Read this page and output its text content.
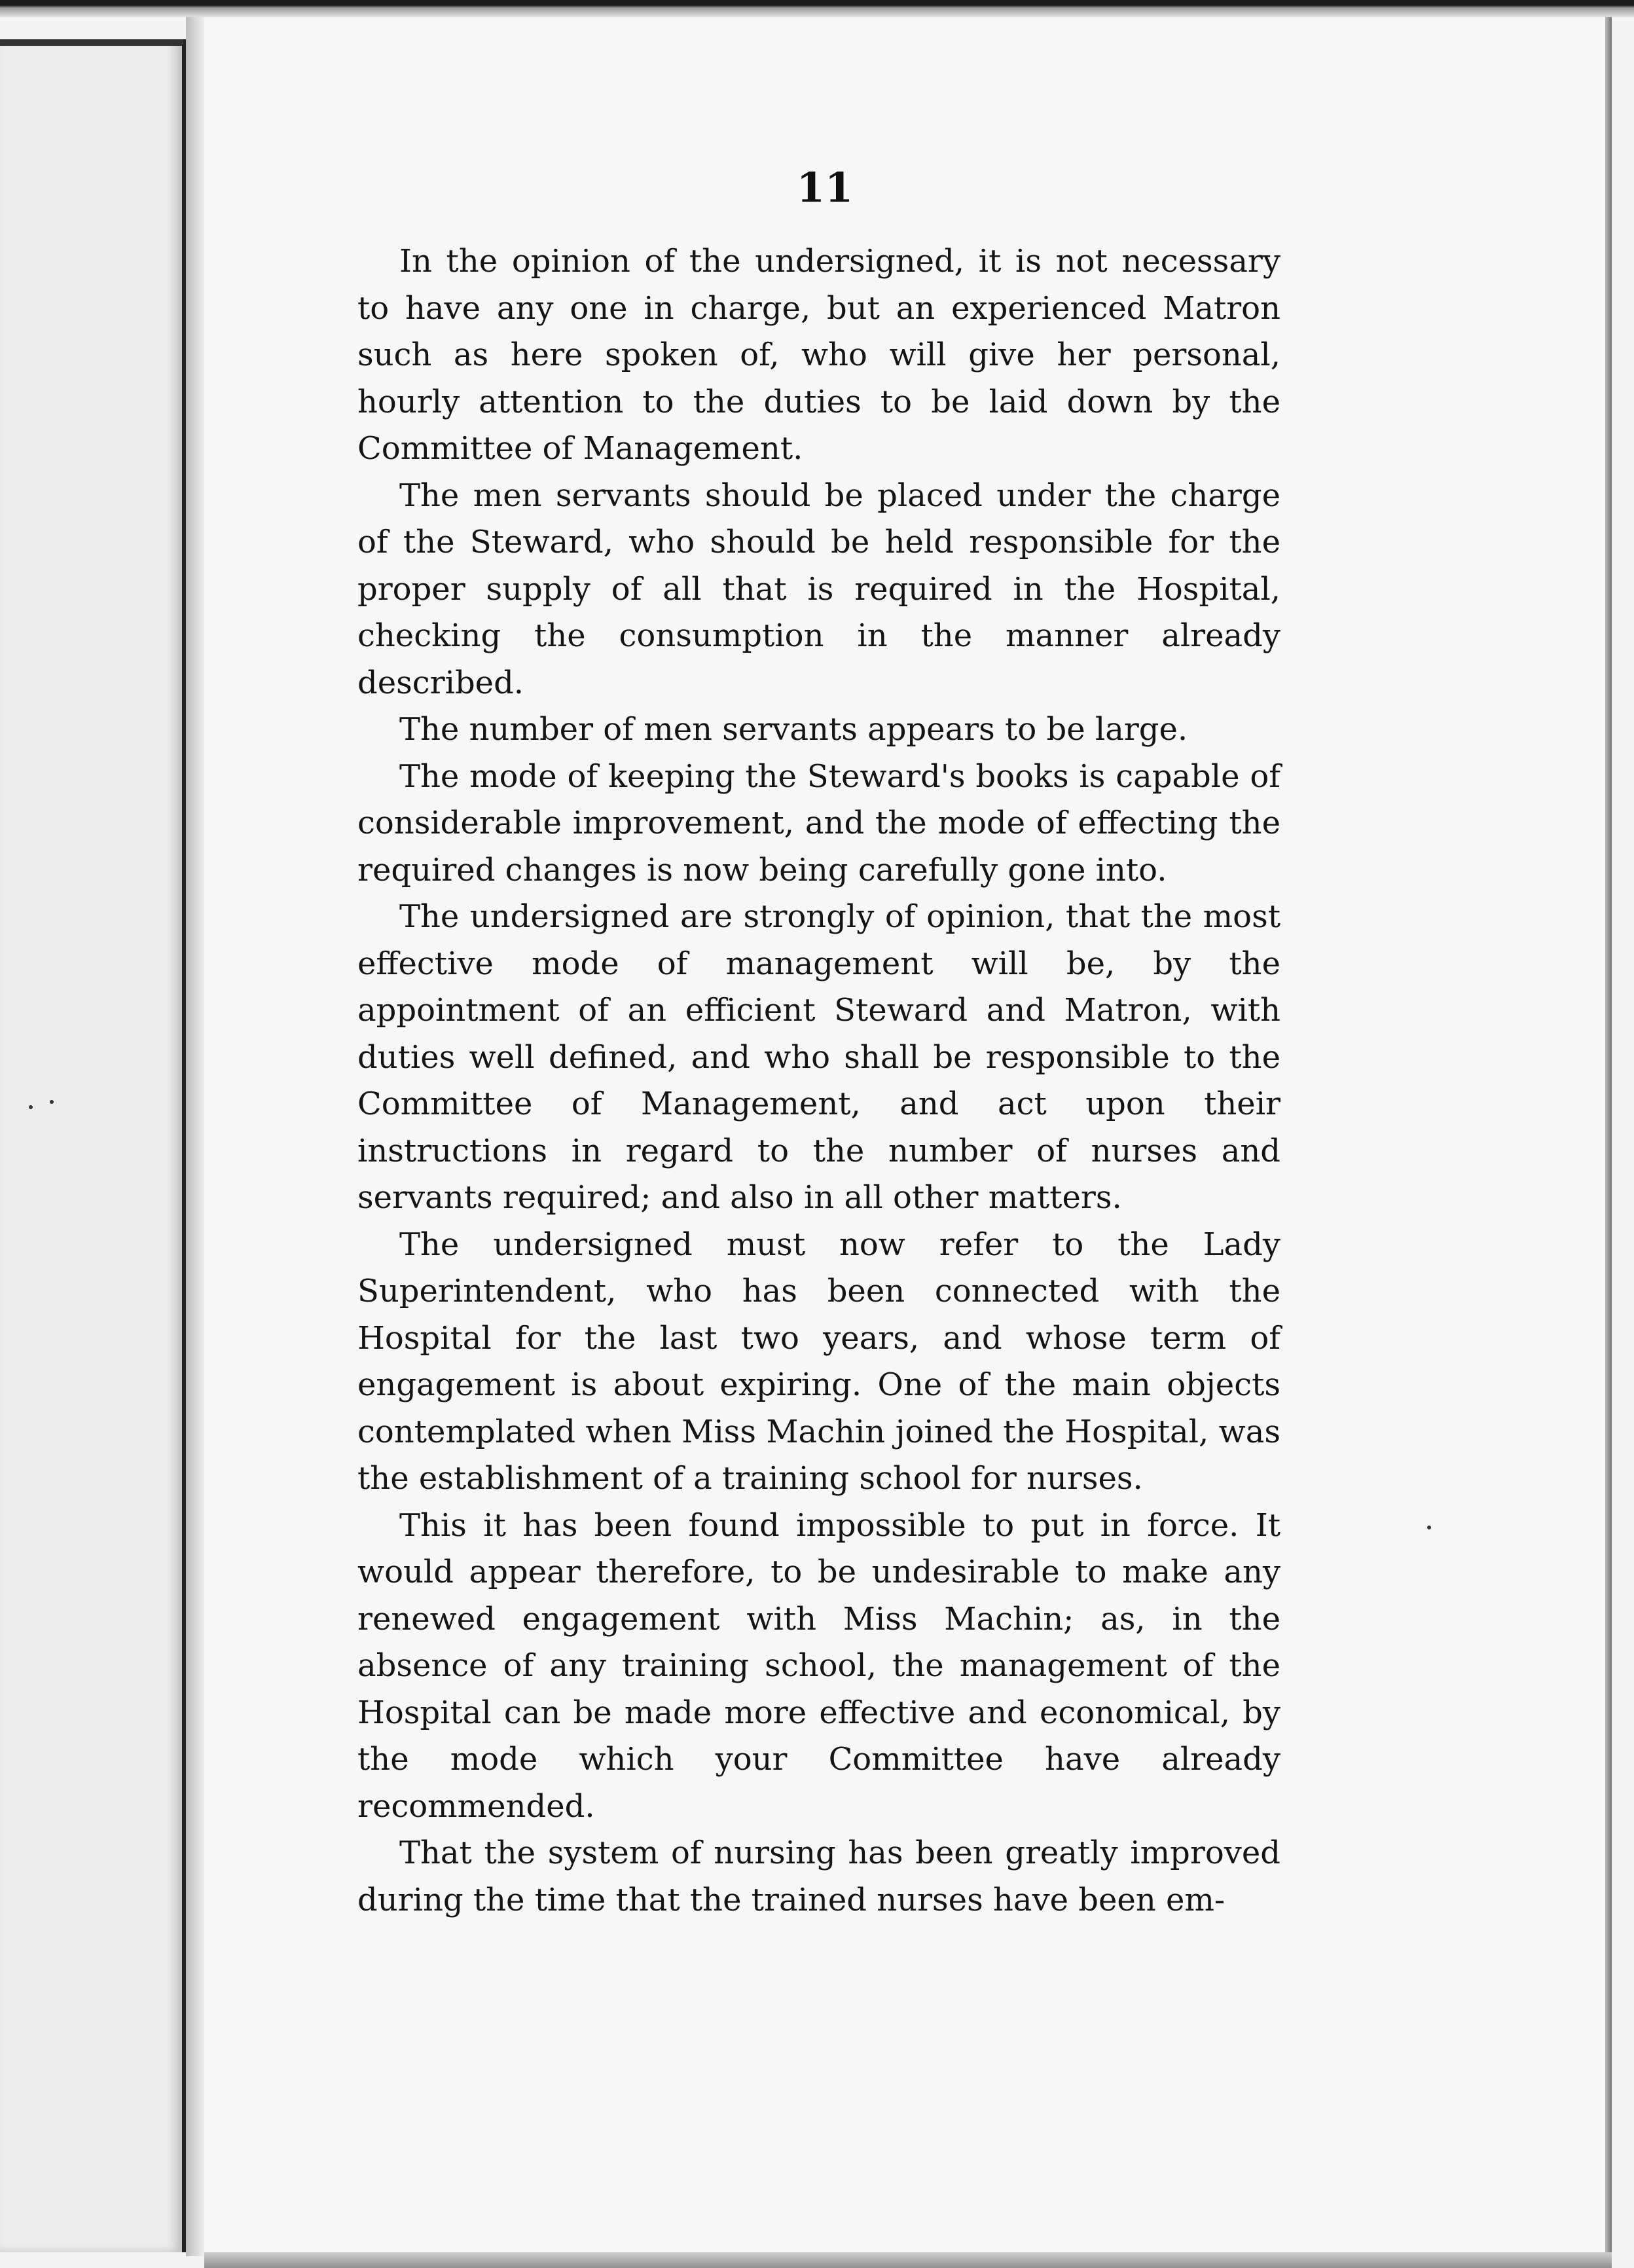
11

In the opinion of the undersigned, it is not necessary to have any one in charge, but an experienced Matron such as here spoken of, who will give her personal, hourly attention to the duties to be laid down by the Committee of Management.

The men servants should be placed under the charge of the Steward, who should be held responsible for the proper supply of all that is required in the Hospital, checking the consumption in the manner already described.

The number of men servants appears to be large.

The mode of keeping the Steward's books is capable of considerable improvement, and the mode of effecting the required changes is now being carefully gone into.

The undersigned are strongly of opinion, that the most effective mode of management will be, by the appointment of an efficient Steward and Matron, with duties well defined, and who shall be responsible to the Committee of Management, and act upon their instructions in regard to the number of nurses and servants required; and also in all other matters.

The undersigned must now refer to the Lady Superintendent, who has been connected with the Hospital for the last two years, and whose term of engagement is about expiring. One of the main objects contemplated when Miss Machin joined the Hospital, was the establishment of a training school for nurses.

This it has been found impossible to put in force. It would appear therefore, to be undesirable to make any renewed engagement with Miss Machin; as, in the absence of any training school, the management of the Hospital can be made more effective and economical, by the mode which your Committee have already recommended.

That the system of nursing has been greatly improved during the time that the trained nurses have been em-
